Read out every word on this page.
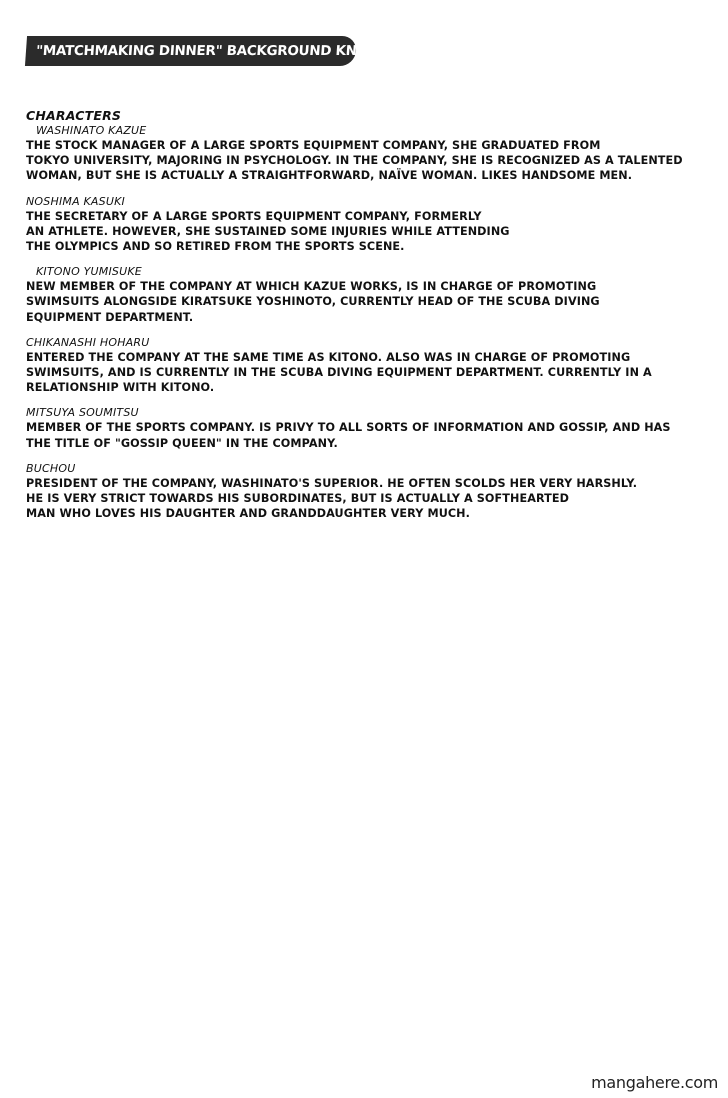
"MATCHMAKING DINNER" BACKGROUND KNOWLEDGE
CHARACTERS
WASHINATO KAZUE
THE STOCK MANAGER OF A LARGE SPORTS EQUIPMENT COMPANY, SHE GRADUATED FROM
TOKYO UNIVERSITY, MAJORING IN PSYCHOLOGY. IN THE COMPANY, SHE IS RECOGNIZED AS A TALENTED
WOMAN, BUT SHE IS ACTUALLY A STRAIGHTFORWARD, NAÏVE WOMAN. LIKES HANDSOME MEN.
NOSHIMA KASUKI
THE SECRETARY OF A LARGE SPORTS EQUIPMENT COMPANY, FORMERLY
AN ATHLETE. HOWEVER, SHE SUSTAINED SOME INJURIES WHILE ATTENDING
THE OLYMPICS AND SO RETIRED FROM THE SPORTS SCENE.
KITONO YUMISUKE
NEW MEMBER OF THE COMPANY AT WHICH KAZUE WORKS, IS IN CHARGE OF PROMOTING
SWIMSUITS ALONGSIDE KIRATSUKE YOSHINOTO, CURRENTLY HEAD OF THE SCUBA DIVING
EQUIPMENT DEPARTMENT.
CHIKANASHI HOHARU
ENTERED THE COMPANY AT THE SAME TIME AS KITONO. ALSO WAS IN CHARGE OF PROMOTING
SWIMSUITS, AND IS CURRENTLY IN THE SCUBA DIVING EQUIPMENT DEPARTMENT. CURRENTLY IN A
RELATIONSHIP WITH KITONO.
MITSUYA SOUMITSU
MEMBER OF THE SPORTS COMPANY. IS PRIVY TO ALL SORTS OF INFORMATION AND GOSSIP, AND HAS
THE TITLE OF "GOSSIP QUEEN" IN THE COMPANY.
BUCHOU
PRESIDENT OF THE COMPANY, WASHINATO'S SUPERIOR. HE OFTEN SCOLDS HER VERY HARSHLY.
HE IS VERY STRICT TOWARDS HIS SUBORDINATES, BUT IS ACTUALLY A SOFTHEARTED
MAN WHO LOVES HIS DAUGHTER AND GRANDDAUGHTER VERY MUCH.
mangahere.com
